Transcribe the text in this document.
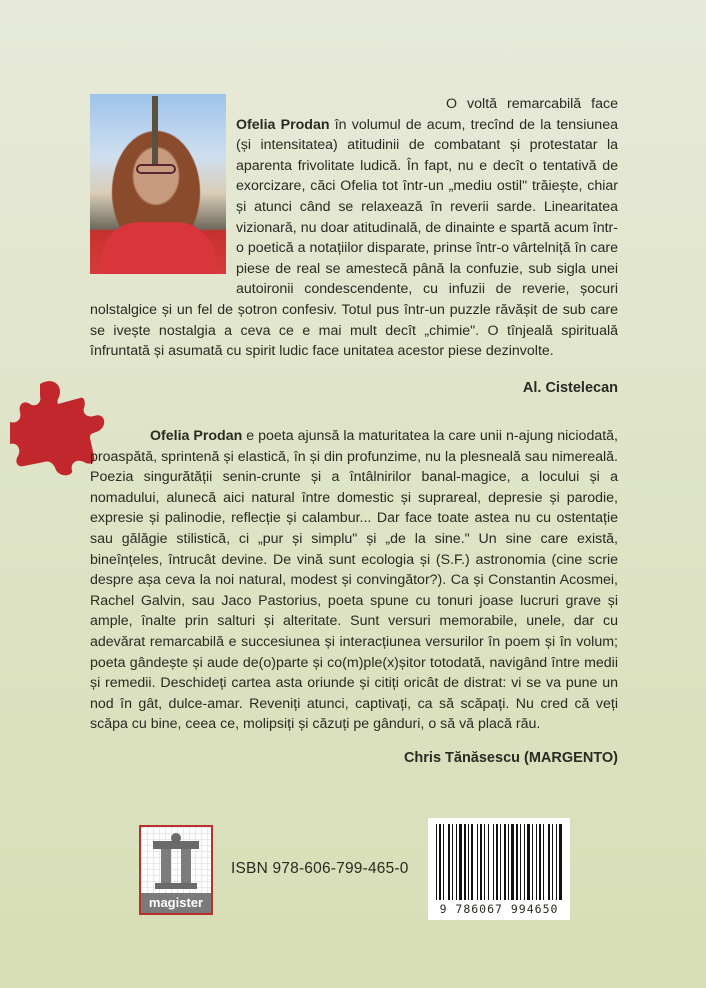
O voltă remarcabilă face Ofelia Prodan în volumul de acum, trecînd de la tensiunea (și intensitatea) atitudinii de combatant și protestatar la aparenta frivolitate ludică. În fapt, nu e decît o tentativă de exorcizare, căci Ofelia tot într-un „mediu ostil" trăiește, chiar și atunci când se relaxează în reverii sarde. Linearitatea vizionară, nu doar atitudinală, de dinainte e spartă acum într-o poetică a notațiilor disparate, prinse într-o vârtelniță în care piese de real se amestecă până la confuzie, sub sigla unei autoironii condescendente, cu infuzii de reverie, șocuri nolstalgice și un fel de șotron confesiv. Totul pus într-un puzzle răvășit de sub care se ivește nostalgia a ceva ce e mai mult decît „chimie". O tînjeală spirituală înfruntată și asumată cu spirit ludic face unitatea acestor piese dezinvolte.

Al. Cistelecan

Ofelia Prodan e poeta ajunsă la maturitatea la care unii n-ajung niciodată, proaspătă, sprintenă și elastică, în și din profunzime, nu la plesneală sau nimereală. Poezia singurătății senin-crunte și a întâlnirilor banal-magice, a locului și a nomadului, alunecă aici natural între domestic și suprareal, depresie și parodie, expresie și palinodie, reflecție și calambur... Dar face toate astea nu cu ostentație sau gălăgie stilistică, ci „pur și simplu" și „de la sine." Un sine care există, bineînțeles, întrucât devine. De vină sunt ecologia și (S.F.) astronomia (cine scrie despre așa ceva la noi natural, modest și convingător?). Ca și Constantin Acosmei, Rachel Galvin, sau Jaco Pastorius, poeta spune cu tonuri joase lucruri grave și ample, înalte prin salturi și alteritate. Sunt versuri memorabile, unele, dar cu adevărat remarcabilă e succesiunea și interacțiunea versurilor în poem și în volum; poeta gândește și aude de(o)parte și co(m)ple(x)șitor totodată, navigând între medii și remedii. Deschideți cartea asta oriunde și citiți oricât de distrat: vi se va pune un nod în gât, dulce-amar. Reveniți atunci, captivați, ca să scăpați. Nu cred că veți scăpa cu bine, ceea ce, molipsiți și căzuți pe gânduri, o să vă placă rău.

Chris Tănăsescu (MARGENTO)
magister
ISBN 978-606-799-465-0
9 786067 994650
